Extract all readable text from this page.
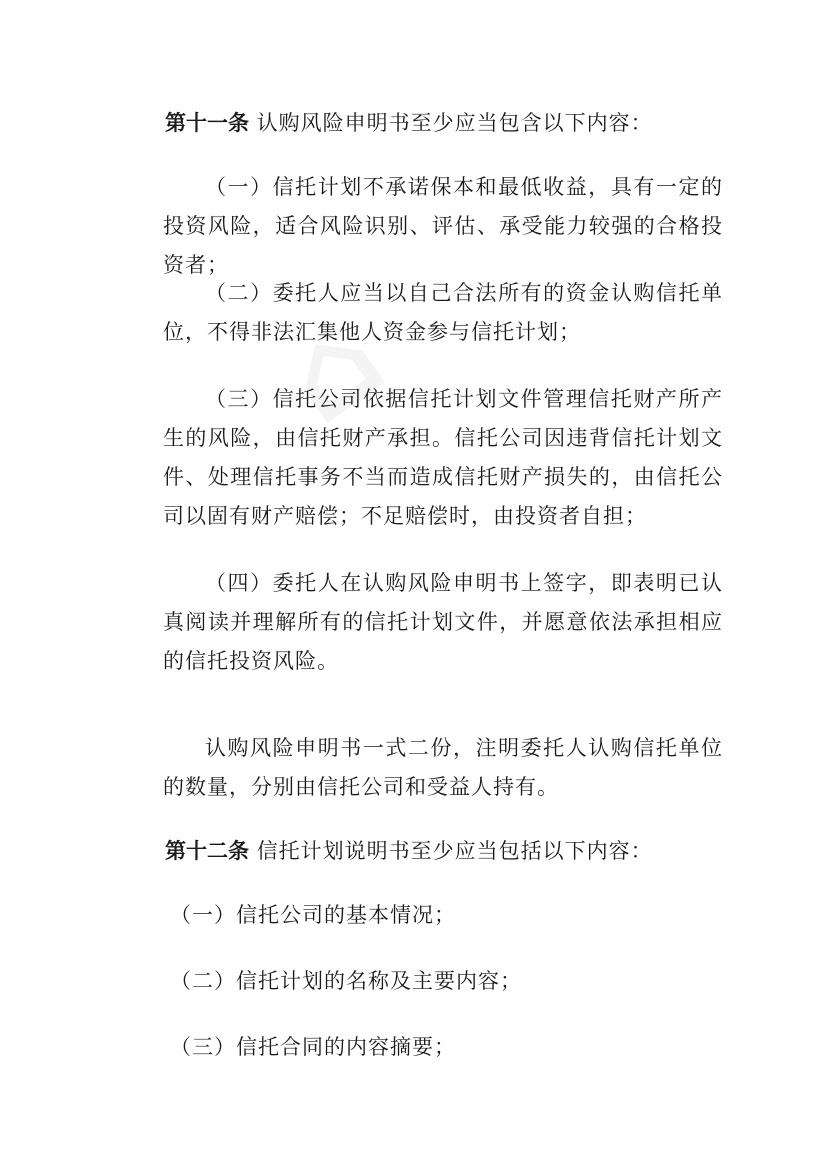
第十一条 认购风险申明书至少应当包含以下内容：

（一）信托计划不承诺保本和最低收益，具有一定的投资风险，适合风险识别、评估、承受能力较强的合格投资者；

（二）委托人应当以自己合法所有的资金认购信托单位，不得非法汇集他人资金参与信托计划；

（三）信托公司依据信托计划文件管理信托财产所产生的风险，由信托财产承担。信托公司因违背信托计划文件、处理信托事务不当而造成信托财产损失的，由信托公司以固有财产赔偿；不足赔偿时，由投资者自担；

（四）委托人在认购风险申明书上签字，即表明已认真阅读并理解所有的信托计划文件，并愿意依法承担相应的信托投资风险。

认购风险申明书一式二份，注明委托人认购信托单位的数量，分别由信托公司和受益人持有。

第十二条 信托计划说明书至少应当包括以下内容：

（一）信托公司的基本情况；

（二）信托计划的名称及主要内容；

（三）信托合同的内容摘要；
